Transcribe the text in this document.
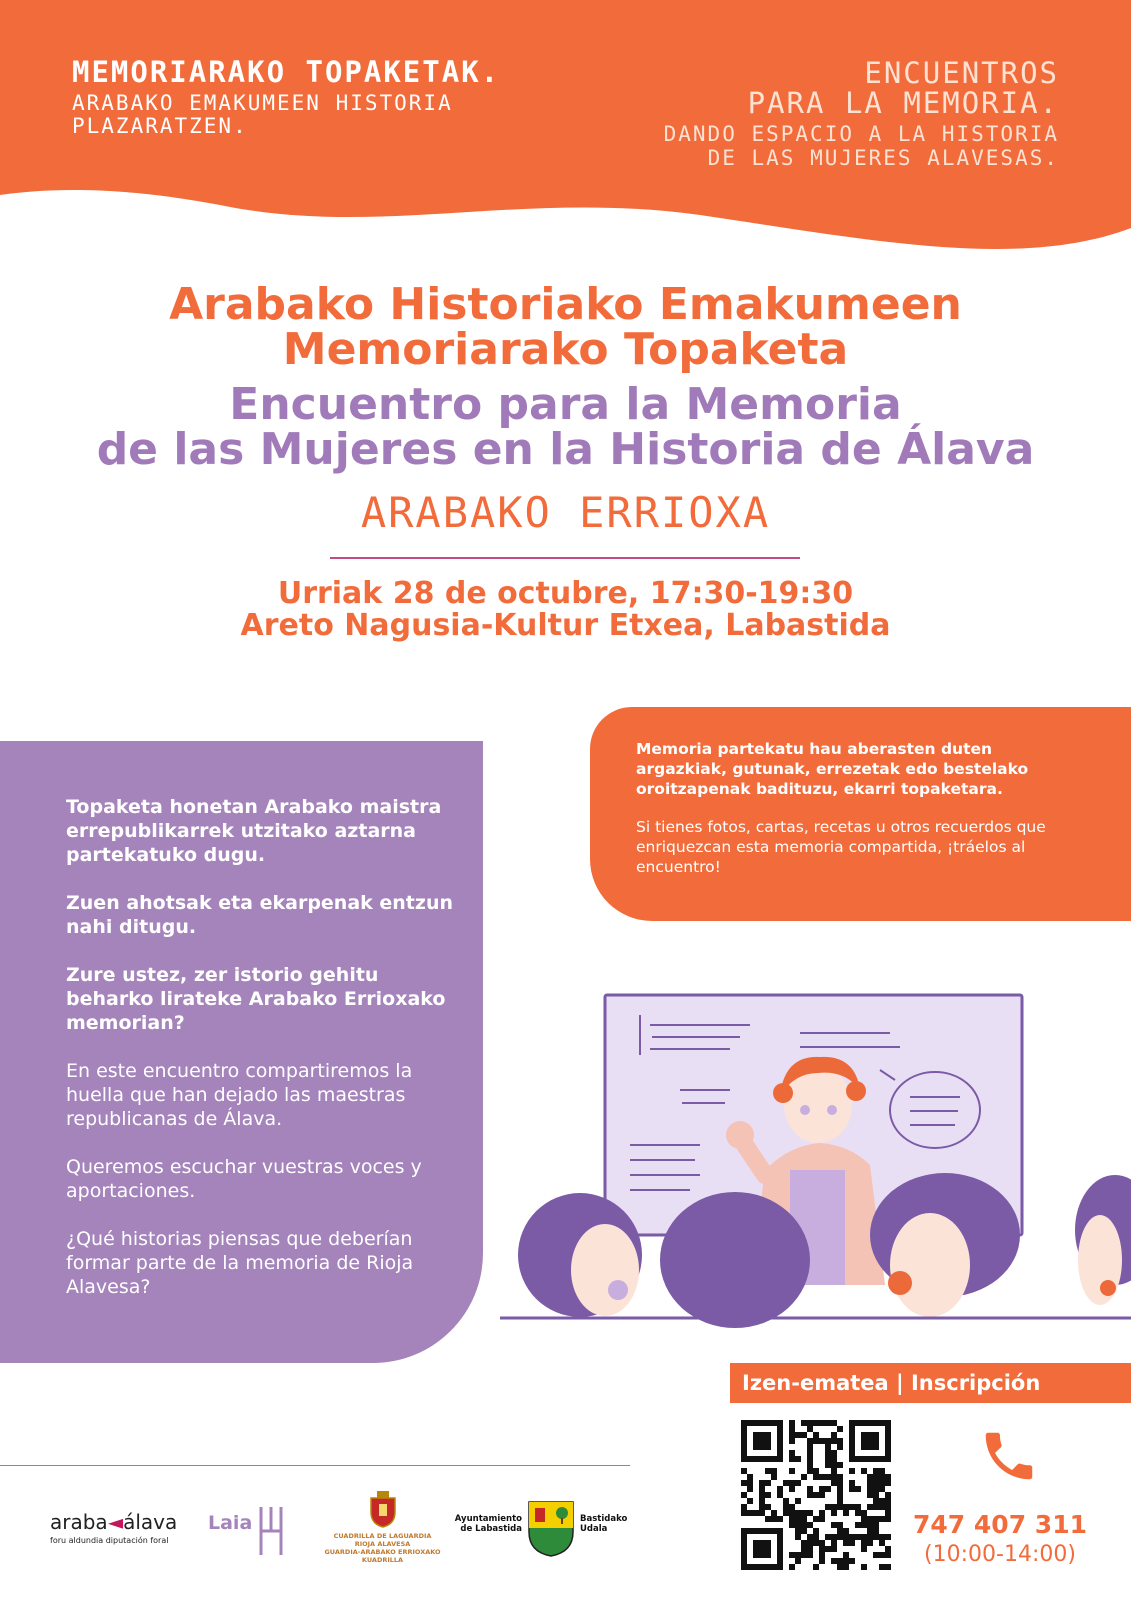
MEMORIARAKO TOPAKETAK.
ARABAKO EMAKUMEEN HISTORIA
PLAZARATZEN.
ENCUENTROS
PARA LA MEMORIA.
DANDO ESPACIO A LA HISTORIA
DE LAS MUJERES ALAVESAS.
Arabako Historiako Emakumeen
Memoriarako Topaketa
Encuentro para la Memoria
de las Mujeres en la Historia de Álava
ARABAKO ERRIOXA
Urriak 28 de octubre, 17:30-19:30
Areto Nagusia-Kultur Etxea, Labastida

Topaketa honetan Arabako maistra errepublikarrek utzitako aztarna partekatuko dugu.

Zuen ahotsak eta ekarpenak entzun nahi ditugu.

Zure ustez, zer istorio gehitu beharko lirateke Arabako Errioxako memorian?

En este encuentro compartiremos la huella que han dejado las maestras republicanas de Álava.

Queremos escuchar vuestras voces y aportaciones.

¿Qué historias piensas que deberían formar parte de la memoria de Rioja Alavesa?

Memoria partekatu hau aberasten duten argazkiak, gutunak, errezetak edo bestelako oroitzapenak badituzu, ekarri topaketara.

Si tienes fotos, cartas, recetas u otros recuerdos que enriquezcan esta memoria compartida, ¡tráelos al encuentro!

Izen-ematea | Inscripción
747 407 311
(10:00-14:00)
araba◄álava
foru aldundia diputación foral
Laia
CUADRILLA DE LAGUARDIA
RIOJA ALAVESA
GUARDIA-ARABAKO ERRIOXAKO
KUADRILLA
Ayuntamiento
de Labastida
Bastidako
Udala
